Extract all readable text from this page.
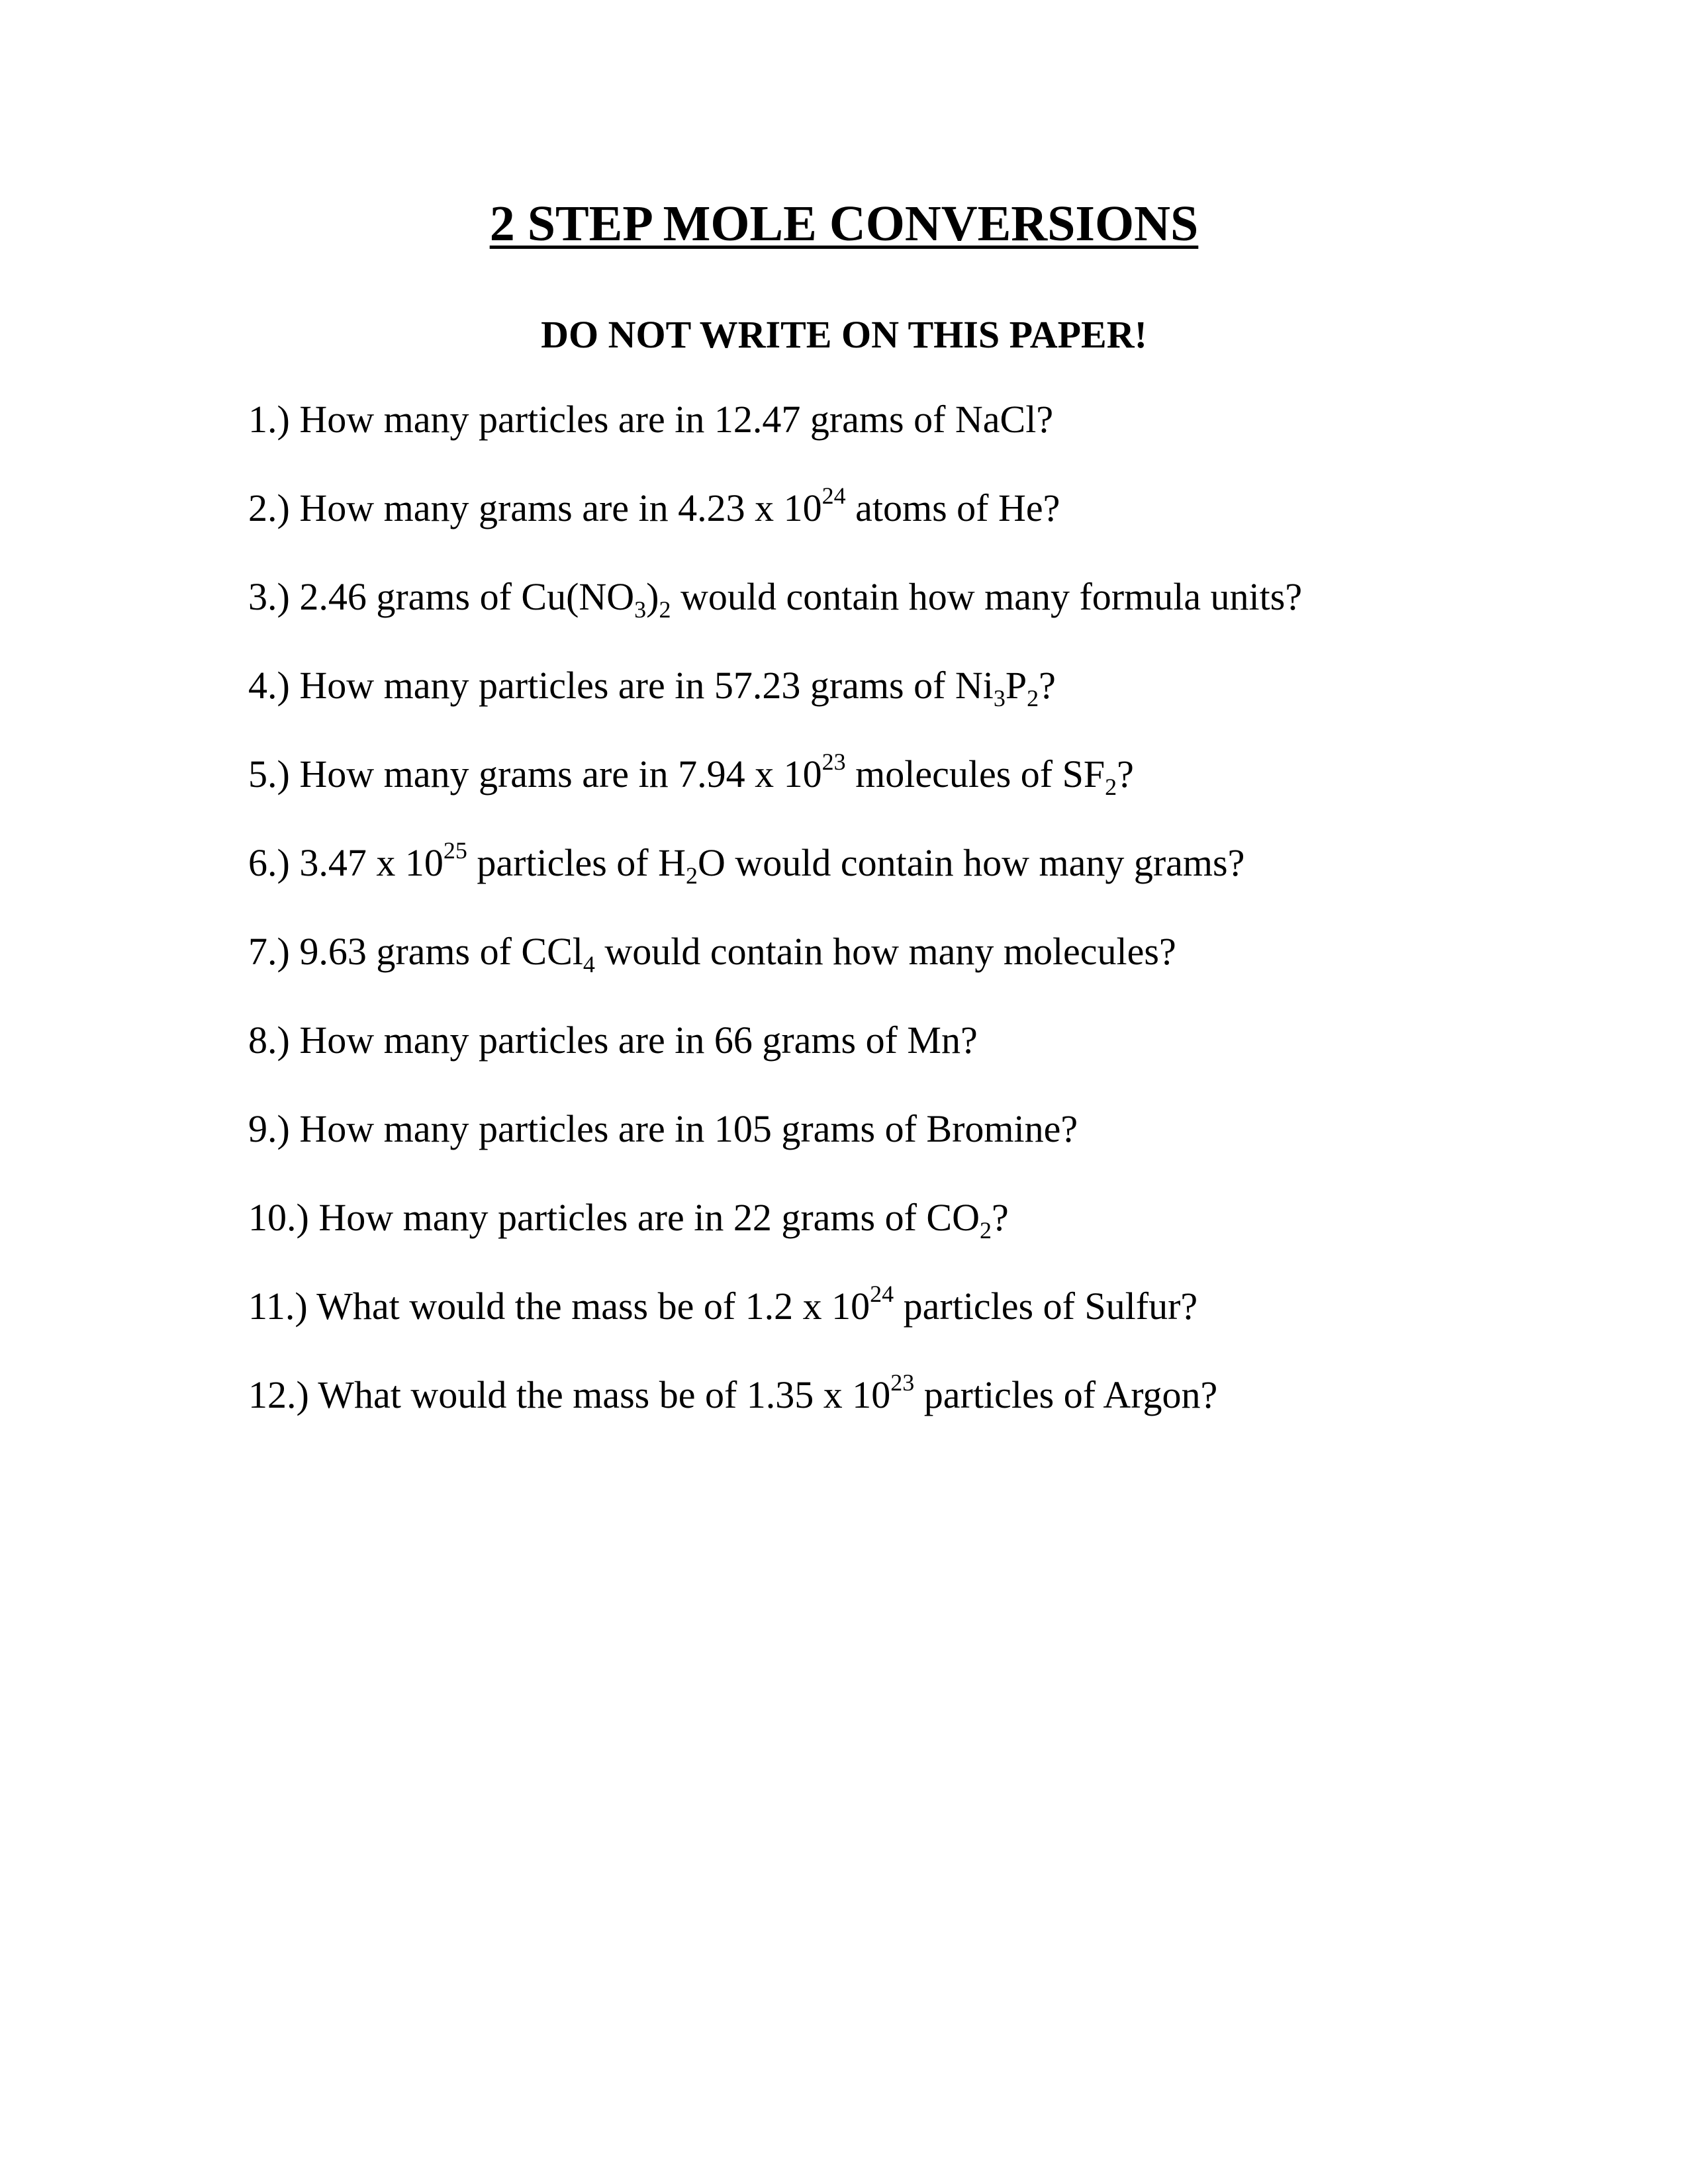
2 STEP MOLE CONVERSIONS
DO NOT WRITE ON THIS PAPER!
1.) How many particles are in 12.47 grams of NaCl?
2.) How many grams are in 4.23 x $10^{24}$ atoms of He?
3.) 2.46 grams of $Cu(NO_3)_2$ would contain how many formula units?
4.) How many particles are in 57.23 grams of $Ni_3P_2$?
5.) How many grams are in 7.94 x $10^{23}$ molecules of $SF_2$?
6.) 3.47 x $10^{25}$ particles of $H_2O$ would contain how many grams?
7.) 9.63 grams of CCl$_4$ would contain how many molecules?
8.) How many particles are in 66 grams of Mn?
9.) How many particles are in 105 grams of Bromine?
10.) How many particles are in 22 grams of $CO_2$?
11.) What would the mass be of 1.2 x $10^{24}$ particles of Sulfur?
12.) What would the mass be of 1.35 x $10^{23}$ particles of Argon?
